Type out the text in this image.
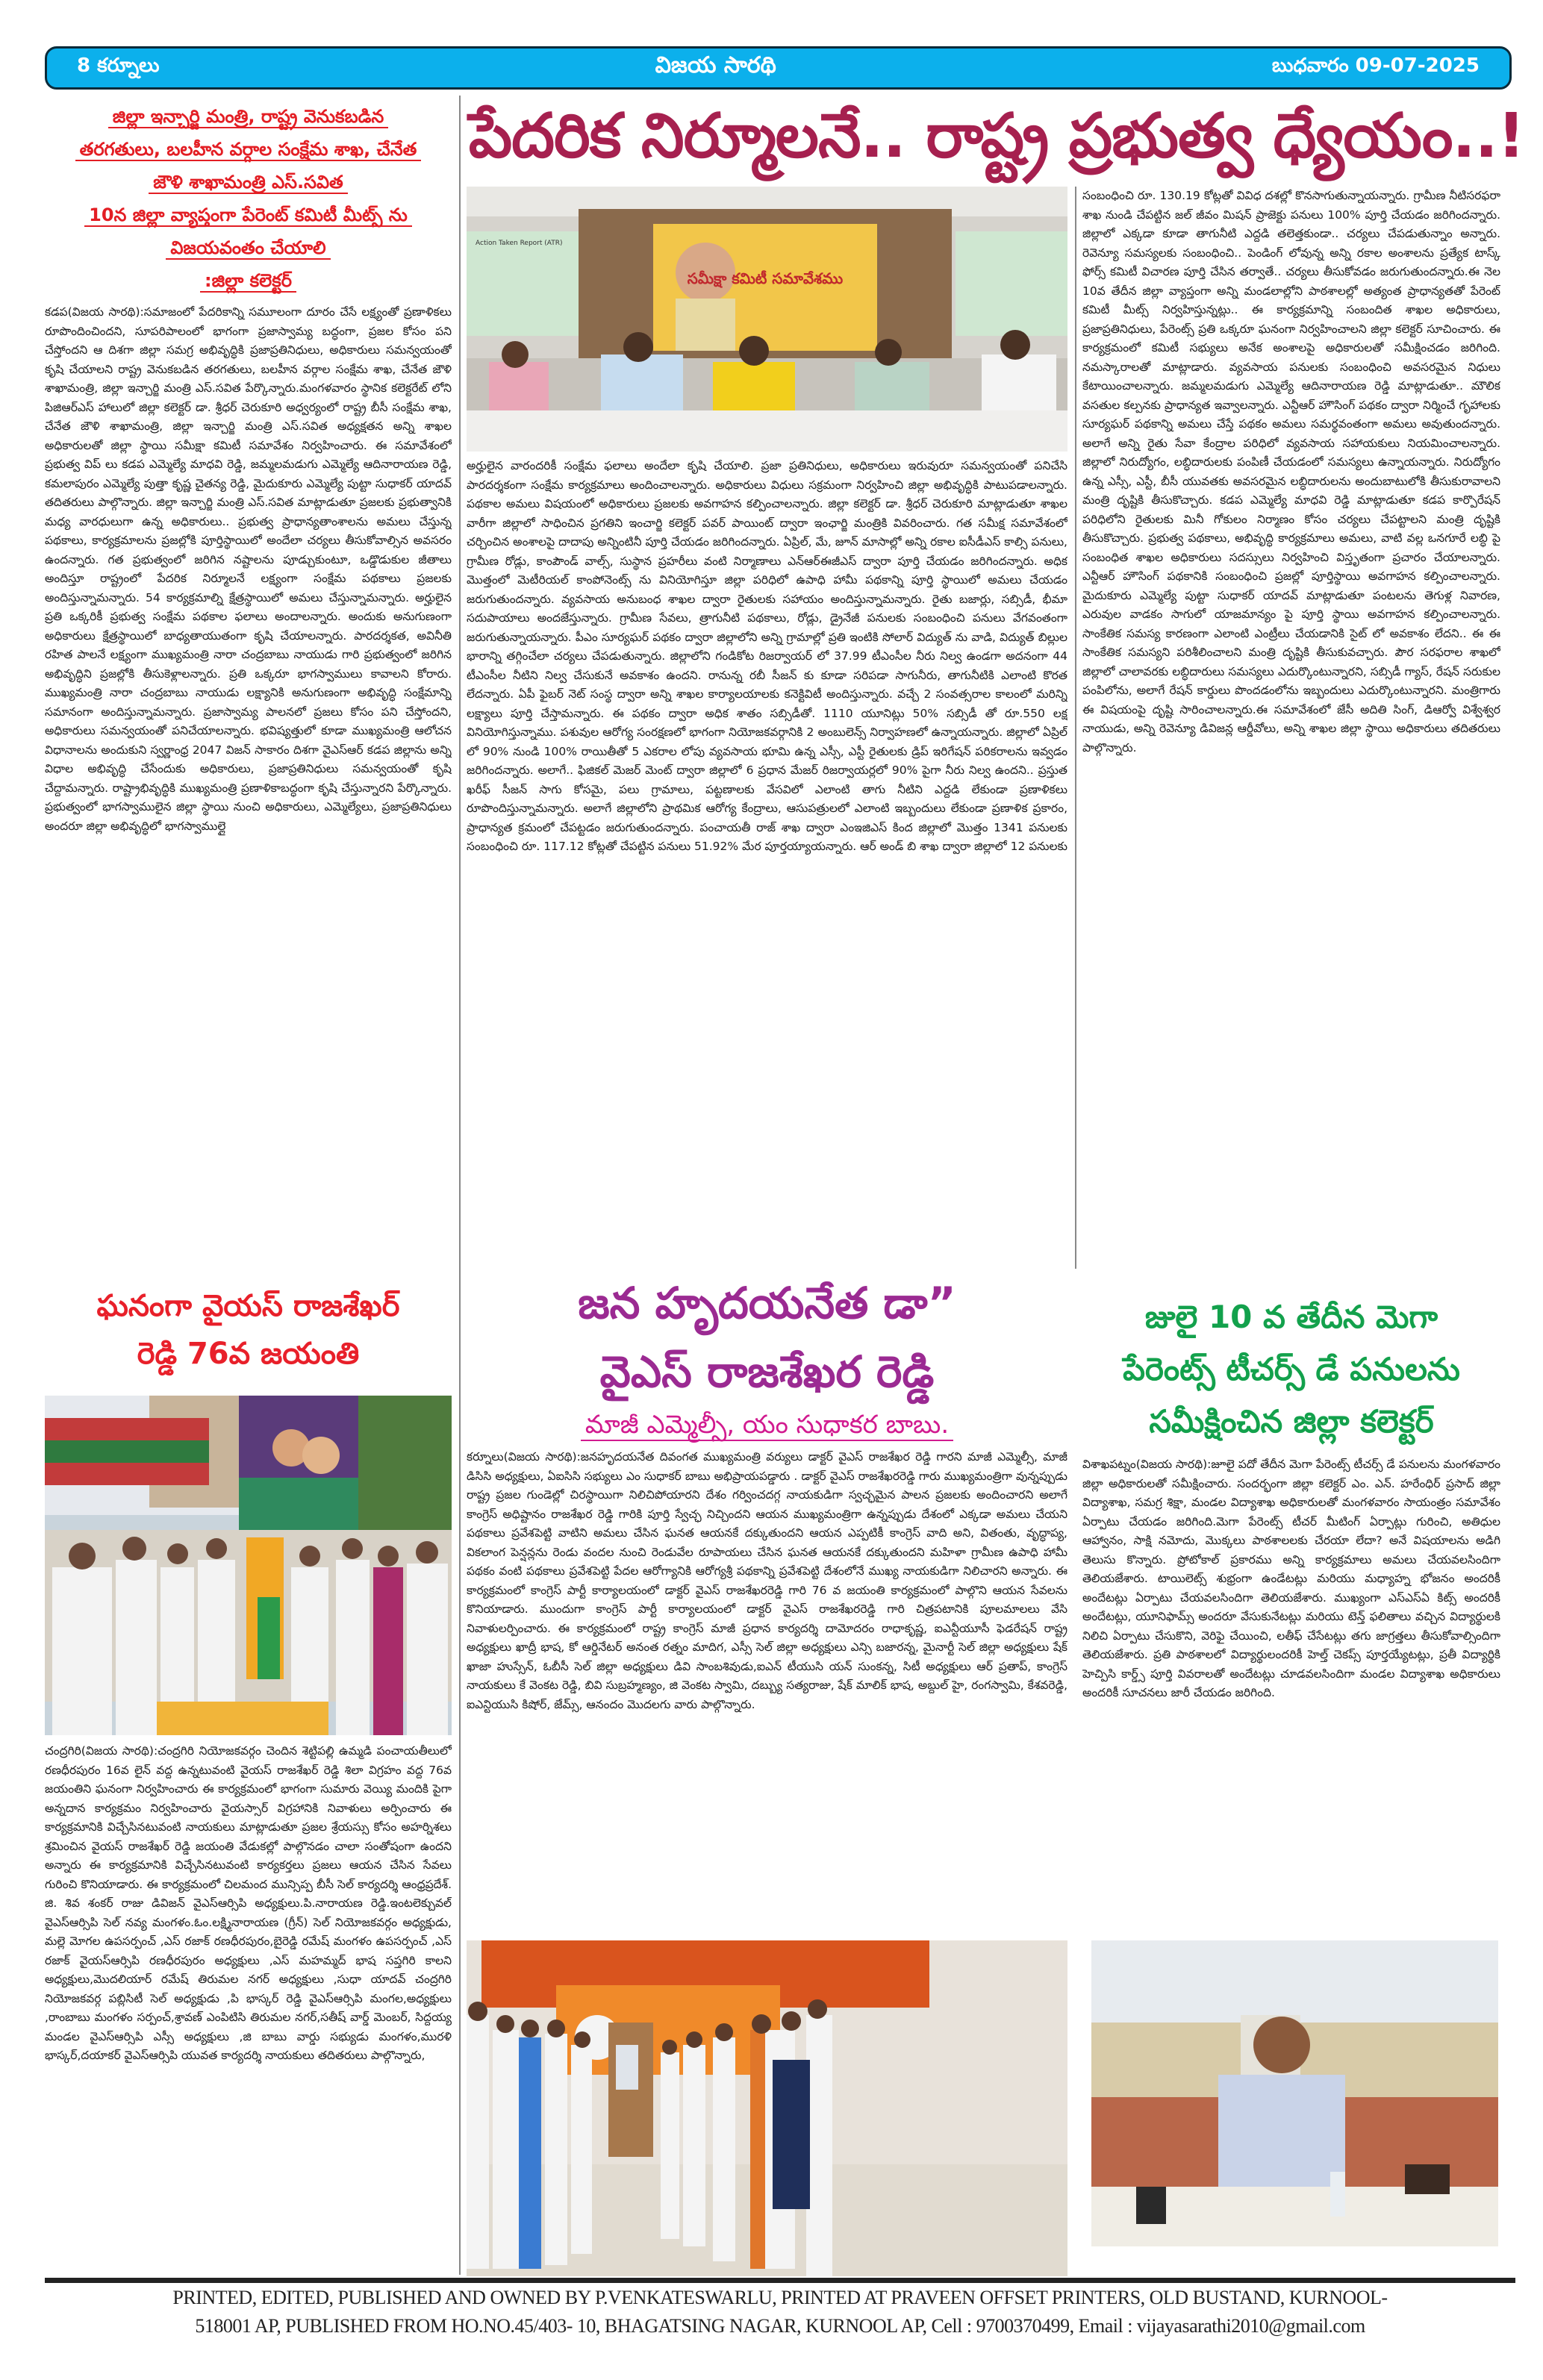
8 కర్నూలు	విజయ సారథి	బుధవారం 09-07-2025
పేదరిక నిర్మూలనే.. రాష్ట్ర ప్రభుత్వ ధ్యేయం..!
జిల్లా ఇన్చార్జి మంత్రి, రాష్ట్ర వెనుకబడిన
తరగతులు, బలహీన వర్గాల సంక్షేమ శాఖ, చేనేత
జౌళి శాఖామంత్రి ఎస్.సవిత
10న జిల్లా వ్యాప్తంగా పేరెంట్ కమిటీ మీట్స్ ను
విజయవంతం చేయాలి
:జిల్లా కలెక్టర్

కడప(విజయ సారథి):సమాజంలో పేదరికాన్ని సమూలంగా దూరం చేసే లక్ష్యంతో ప్రణాళికలు రూపొందించిందని, సూపరిపాలంలో భాగంగా ప్రజాస్వామ్య బద్ధంగా, ప్రజల కోసం పని చేస్తోందని ఆ దిశగా జిల్లా సమగ్ర అభివృద్ధికి ప్రజాప్రతినిధులు, అధికారులు సమన్వయంతో కృషి చేయాలని రాష్ట్ర వెనుకబడిన తరగతులు, బలహీన వర్గాల సంక్షేమ శాఖ, చేనేత జౌళి శాఖామంత్రి, జిల్లా ఇన్చార్జి మంత్రి ఎస్.సవిత పేర్కొన్నారు.మంగళవారం స్థానిక కలెక్టరేట్ లోని పిజిఆర్ఎస్ హాలులో జిల్లా కలెక్టర్ డా. శ్రీధర్ చెరుకూరి అధ్వర్యంలో రాష్ట్ర బీసీ సంక్షేమ శాఖ, చేనేత జౌళి శాఖామంత్రి, జిల్లా ఇన్చార్జి మంత్రి ఎస్.సవిత అధ్యక్షతన అన్ని శాఖల అధికారులతో జిల్లా స్థాయి సమీక్షా కమిటీ సమావేశం నిర్వహించారు. ఈ సమావేశంలో ప్రభుత్వ విప్ లు కడప ఎమ్మెల్యే మాధవి రెడ్డి, జమ్మలమడుగు ఎమ్మెల్యే ఆదినారాయణ రెడ్డి, కమలాపురం ఎమ్మెల్యే పుత్తా కృష్ణ చైతన్య రెడ్డి, మైదుకూరు ఎమ్మెల్యే పుట్టా సుధాకర్ యాదవ్ తదితరులు పాల్గొన్నారు. జిల్లా ఇన్చార్జి మంత్రి ఎస్.సవిత మాట్లాడుతూ ప్రజలకు ప్రభుత్వానికి మధ్య వారధులుగా ఉన్న అధికారులు.. ప్రభుత్వ ప్రాధాన్యతాంశాలను అమలు చేస్తున్న పథకాలు, కార్యక్రమాలను ప్రజల్లోకి పూర్తిస్థాయిలో అందేలా చర్యలు తీసుకోవాల్సిన అవసరం ఉందన్నారు. గత ప్రభుత్వంలో జరిగిన నష్టాలను పూడ్చుకుంటూ, ఒడ్డొడుకుల జీతాలు అందిస్తూ రాష్ట్రంలో పేదరిక నిర్మూలనే లక్ష్యంగా సంక్షేమ పథకాలు ప్రజలకు అందిస్తున్నామన్నారు. 54 కార్యక్రమాల్ని క్షేత్రస్థాయిలో అమలు చేస్తున్నామన్నారు. అర్హులైన ప్రతి ఒక్కరికీ ప్రభుత్వ సంక్షేమ పథకాల ఫలాలు అందాలన్నారు. అందుకు అనుగుణంగా అధికారులు క్షేత్రస్థాయిలో బాధ్యతాయుతంగా కృషి చేయాలన్నారు. పారదర్శకత, అవినీతి రహిత పాలనే లక్ష్యంగా ముఖ్యమంత్రి నారా చంద్రబాబు నాయుడు గారి ప్రభుత్వంలో జరిగిన అభివృద్ధిని ప్రజల్లోకి తీసుకెళ్లాలన్నారు. ప్రతి ఒక్కరూ భాగస్వాములు కావాలని కోరారు. ముఖ్యమంత్రి నారా చంద్రబాబు నాయుడు లక్ష్యానికి అనుగుణంగా అభివృద్ధి సంక్షేమాన్ని సమానంగా అందిస్తున్నామన్నారు. ప్రజాస్వామ్య పాలనలో ప్రజలు కోసం పని చేస్తోందని, అధికారులు సమన్వయంతో పనిచేయాలన్నారు. భవిష్యత్తులో కూడా ముఖ్యమంత్రి ఆలోచన విధానాలను అందుకుని స్వర్ణాంధ్ర 2047 విజన్ సాకారం దిశగా వైఎస్ఆర్ కడప జిల్లాను అన్ని విధాల అభివృద్ధి చేసేందుకు అధికారులు, ప్రజాప్రతినిధులు సమన్వయంతో కృషి చేద్దామన్నారు. రాష్ట్రాభివృద్ధికి ముఖ్యమంత్రి ప్రణాళికాబద్ధంగా కృషి చేస్తున్నారని పేర్కొన్నారు. ప్రభుత్వంలో భాగస్వాములైన జిల్లా స్థాయి నుంచి అధికారులు, ఎమ్మెల్యేలు, ప్రజాప్రతినిధులు అందరూ జిల్లా అభివృద్ధిలో భాగస్వాముల్లై

ఘనంగా వైయస్ రాజశేఖర్
రెడ్డి 76వ జయంతి

చంద్రగిరి(విజయ సారథి):చంద్రగిరి నియోజకవర్గం చెందిన శెట్టిపల్లి ఉమ్మడి పంచాయతీలులో రణధీరపురం 16వ లైన్ వద్ద ఉన్నటువంటి వైయస్ రాజశేఖర్ రెడ్డి శిలా విగ్రహం వద్ద 76వ జయంతిని ఘనంగా నిర్వహించారు ఈ కార్యక్రమంలో భాగంగా సుమారు వెయ్యి మందికి పైగా అన్నదాన కార్యక్రమం నిర్వహించారు వైయస్సార్ విగ్రహానికి నివాళులు అర్పించారు ఈ కార్యక్రమానికి విచ్చేసినటువంటి నాయకులు మాట్లాడుతూ ప్రజల శ్రేయస్సు కోసం అహర్నిశలు శ్రమించిన వైయస్ రాజశేఖర్ రెడ్డి జయంతి వేడుకల్లో పాల్గొనడం చాలా సంతోషంగా ఉందని అన్నారు ఈ కార్యక్రమానికి విచ్చేసినటువంటి కార్యకర్తలు ప్రజలు ఆయన చేసిన సేవలు గురించి కొనియాడారు. ఈ కార్యక్రమంలో చిలమంద మున్సిప్ప బీసీ సెల్ కార్యదర్శి ఆంధ్రప్రదేశ్. జి. శివ శంకర్ రాజు డివిజన్ వైఎస్ఆర్సిపి అధ్యక్షులు.పి.నారాయణ రెడ్డి.ఇంటలెక్చువల్ వైఎస్ఆర్సిపి సెల్ నవ్య మంగళం.ఓం.లక్ష్మినారాయణ (గ్రీన్) సెల్ నియోజకవర్గం అధ్యక్షుడు, మల్లె మోగల ఉపసర్పంచ్ ,ఎస్ రజాక్ రణధీరపురం,బైరెడ్డి రమేష్ మంగళం ఉపసర్పంచ్ ,ఎస్ రజాక్ వైయస్ఆర్సిపి రణధీరపురం అధ్యక్షులు ,ఎస్ మహమ్మద్ భాష సప్తగిరి కాలని అధ్యక్షులు,మొదలియార్ రమేష్ తిరుమల నగర్ అధ్యక్షులు ,సుధా యాదవ్ చంద్రగిరి నియోజకవర్గ పబ్లిసిటీ సెల్ అధ్యక్షుడు ,పి భాస్కర్ రెడ్డి వైఎస్ఆర్సిపి మంగల,అధ్యక్షులు ,రాంబాబు మంగళం సర్పంచ్,శ్రావణ్ ఎంపిటిసి తిరుమల నగర్,సతీష్ వార్డ్ మెంబర్, సిద్దయ్య మండల వైఎస్ఆర్సిపి ఎస్సీ అధ్యక్షులు ,జి బాబు వార్డు సభ్యుడు మంగళం,మురళి భాస్కర్,దయాకర్ వైఎస్ఆర్సిపి యువత కార్యదర్శి నాయకులు తదితరులు పాల్గొన్నారు,

Action Taken Report (ATR)
సమీక్షా కమిటీ సమావేశము

అర్హులైన వారందరికీ సంక్షేమ ఫలాలు అందేలా కృషి చేయాలి. ప్రజా ప్రతినిధులు, అధికారులు ఇరువురూ సమన్వయంతో పనిచేసి పారదర్శకంగా సంక్షేమ కార్యక్రమాలు అందించాలన్నారు. అధికారులు విధులు సక్రమంగా నిర్వహించి జిల్లా అభివృద్ధికి పాటుపడాలన్నారు. పథకాల అమలు విషయంలో అధికారులు ప్రజలకు అవగాహన కల్పించాలన్నారు. జిల్లా కలెక్టర్ డా. శ్రీధర్ చెరుకూరి మాట్లాడుతూ శాఖల వారీగా జిల్లాలో సాధించిన ప్రగతిని ఇంచార్జి కలెక్టర్ పవర్ పాయింట్ ద్వారా ఇంఛార్జి మంత్రికి వివరించారు. గత సమీక్ష సమావేశంలో చర్చించిన అంశాలపై దాదాపు అన్నింటినీ పూర్తి చేయడం జరిగిందన్నారు. ఏప్రిల్, మే, జూన్ మాసాల్లో అన్ని రకాల ఐసీడీఎస్ కాల్సి పనులు, గ్రామీణ రోడ్లు, కాంపౌండ్ వాల్స్, సుస్థాన ప్రహరీలు వంటి నిర్మాణాలు ఎన్ఆర్ఈజీఎస్ ద్వారా పూర్తి చేయడం జరిగిందన్నారు. అధిక మొత్తంలో మెటీరియల్ కాంపోనెంట్స్ ను వినియోగిస్తూ జిల్లా పరిధిలో ఉపాధి హామీ పథకాన్ని పూర్తి స్థాయిలో అమలు చేయడం జరుగుతుందన్నారు. వ్యవసాయ అనుబంధ శాఖల ద్వారా రైతులకు సహాయం అందిస్తున్నామన్నారు. రైతు బజార్లు, సబ్సిడీ, భీమా సదుపాయాలు అందజేస్తున్నారు. గ్రామీణ సేవలు, త్రాగునీటి పథకాలు, రోడ్లు, డ్రైనేజీ పనులకు సంబంధించి పనులు వేగవంతంగా జరుగుతున్నాయన్నారు. పీఎం సూర్యఘర్ పథకం ద్వారా జిల్లాలోని అన్ని గ్రామాల్లో ప్రతి ఇంటికి సోలార్ విద్యుత్ ను వాడి, విద్యుత్ బిల్లుల భారాన్ని తగ్గించేలా చర్యలు చేపడుతున్నారు. జిల్లాలోని గండికోట రిజర్వాయర్ లో 37.99 టీఎంసీల నీరు నిల్వ ఉండగా అదనంగా 44 టీఎంసీల నీటిని నిల్వ చేసుకునే అవకాశం ఉందని. రానున్న రబీ సీజన్ కు కూడా సరిపడా సాగునీరు, తాగునీటికి ఎలాంటి కొరత లేదన్నారు. ఏపీ ఫైబర్ నెట్ సంస్థ ద్వారా అన్ని శాఖల కార్యాలయాలకు కనెక్టివిటీ అందిస్తున్నారు. వచ్చే 2 సంవత్సరాల కాలంలో మరిన్ని లక్ష్యాలు పూర్తి చేస్తామన్నారు. ఈ పథకం ద్వారా అధిక శాతం సబ్సిడీతో. 1110 యూనిట్లు 50% సబ్సిడీ తో రూ.550 లక్ష వినియోగిస్తున్నాము. పశువుల ఆరోగ్య సంరక్షణలో భాగంగా నియోజకవర్గానికి 2 అంబులెన్స్ నిర్వాహణలో ఉన్నాయన్నారు. జిల్లాలో ఏప్రిల్ లో 90% నుండి 100% రాయితీతో 5 ఎకరాల లోపు వ్యవసాయ భూమి ఉన్న ఎస్సీ, ఎస్టీ రైతులకు డ్రిప్ ఇరిగేషన్ పరికరాలను ఇవ్వడం జరిగిందన్నారు. అలాగే.. ఫిజికల్ మెజర్ మెంట్ ద్వారా జిల్లాలో 6 ప్రధాన మేజర్ రిజర్వాయర్లలో 90% పైగా నీరు నిల్వ ఉందని.. ప్రస్తుత ఖరీఫ్ సీజన్ సాగు కోసమై, పలు గ్రామాలు, పట్టణాలకు వేసవిలో ఎలాంటి తాగు నీటిని ఎద్దడి లేకుండా ప్రణాళికలు రూపొందిస్తున్నామన్నారు. అలాగే జిల్లాలోని ప్రాథమిక ఆరోగ్య కేంద్రాలు, ఆసుపత్రులలో ఎలాంటి ఇబ్బందులు లేకుండా ప్రణాళిక ప్రకారం, ప్రాధాన్యత క్రమంలో చేపట్టడం జరుగుతుందన్నారు. పంచాయతీ రాజ్ శాఖ ద్వారా ఎంఇజిఎస్ కింద జిల్లాలో మొత్తం 1341 పనులకు సంబంధించి రూ. 117.12 కోట్లతో చేపట్టిన పనులు 51.92% మేర పూర్తయ్యాయన్నారు. ఆర్ అండ్ బి శాఖ ద్వారా జిల్లాలో 12 పనులకు

సంబంధించి రూ. 130.19 కోట్లతో వివిధ దశల్లో కొనసాగుతున్నాయన్నారు. గ్రామీణ నీటిసరఫరా శాఖ నుండి చేపట్టిన జల్ జీవం మిషన్ ప్రాజెక్టు పనులు 100% పూర్తి చేయడం జరిగిందన్నారు. జిల్లాలో ఎక్కడా కూడా తాగునీటి ఎద్దడి తలెత్తకుండా.. చర్యలు చేపడుతున్నాం అన్నారు. రెవెన్యూ సమస్యలకు సంబంధించి.. పెండింగ్ లోవున్న అన్ని రకాల అంశాలను ప్రత్యేక టాస్క్ ఫోర్స్ కమిటీ విచారణ పూర్తి చేసిన తర్వాతే.. చర్యలు తీసుకోవడం జరుగుతుందన్నారు.ఈ నెల 10వ తేదీన జిల్లా వ్యాప్తంగా అన్ని మండలాల్లోని పాఠశాలల్లో అత్యంత ప్రాధాన్యతతో పేరెంట్ కమిటీ మీట్స్ నిర్వహిస్తున్నట్లు.. ఈ కార్యక్రమాన్ని సంబందిత శాఖల అధికారులు, ప్రజాప్రతినిధులు, పేరెంట్స్ ప్రతి ఒక్కరూ ఘనంగా నిర్వహించాలని జిల్లా కలెక్టర్ సూచించారు. ఈ కార్యక్రమంలో కమిటీ సభ్యులు అనేక అంశాలపై అధికారులతో సమీక్షించడం జరిగింది. నమస్కారాలతో మాట్లాడారు. వ్యవసాయ పనులకు సంబంధించి అవసరమైన నిధులు కేటాయించాలన్నారు. జమ్మలమడుగు ఎమ్మెల్యే ఆదినారాయణ రెడ్డి మాట్లాడుతూ.. మౌలిక వసతుల కల్పనకు ప్రాధాన్యత ఇవ్వాలన్నారు. ఎన్టీఆర్ హౌసింగ్ పథకం ద్వారా నిర్మించే గృహాలకు సూర్యఘర్ పథకాన్ని అమలు చేస్తే పథకం అమలు సమర్థవంతంగా అమలు అవుతుందన్నారు. అలాగే అన్ని రైతు సేవా కేంద్రాల పరిధిలో వ్యవసాయ సహాయకులు నియమించాలన్నారు. జిల్లాలో నిరుద్యోగం, లబ్ధిదారులకు పంపిణీ చేయడంలో సమస్యలు ఉన్నాయన్నారు. నిరుద్యోగం ఉన్న ఎస్సీ, ఎస్టీ, బీసీ యువతకు అవసరమైన లబ్ధిదారులను అందుబాటులోకి తీసుకురావాలని మంత్రి దృష్టికి తీసుకొచ్చారు. కడప ఎమ్మెల్యే మాధవి రెడ్డి మాట్లాడుతూ కడప కార్పొరేషన్ పరిధిలోని రైతులకు మినీ గోకులం నిర్మాణం కోసం చర్యలు చేపట్టాలని మంత్రి దృష్టికి తీసుకొచ్చారు. ప్రభుత్వ పథకాలు, అభివృద్ధి కార్యక్రమాలు అమలు, వాటి వల్ల ఒనగూరే లబ్ధి పై సంబంధిత శాఖల అధికారులు సదస్సులు నిర్వహించి విస్తృతంగా ప్రచారం చేయాలన్నారు. ఎన్టీఆర్ హౌసింగ్ పథకానికి సంబంధించి ప్రజల్లో పూర్తిస్థాయి అవగాహన కల్పించాలన్నారు. మైదుకూరు ఎమ్మెల్యే పుట్టా సుధాకర్ యాదవ్ మాట్లాడుతూ పంటలను తెగుళ్ల నివారణ, ఎరువుల వాడకం సాగులో యాజమాన్యం పై పూర్తి స్థాయి అవగాహన కల్పించాలన్నారు. సాంకేతిక సమస్య కారణంగా ఎలాంటి ఎంట్రీలు చేయడానికి సైట్ లో అవకాశం లేదని.. ఈ ఈ సాంకేతిక సమస్యని పరిశీలించాలని మంత్రి దృష్టికి తీసుకువచ్చారు. పౌర సరఫరాల శాఖలో జిల్లాలో చాలావరకు లబ్ధిదారులు సమస్యలు ఎదుర్కొంటున్నారని, సబ్సిడీ గ్యాస్, రేషన్ సరుకుల పంపిలోను, అలాగే రేషన్ కార్డులు పొందడంలోను ఇబ్బందులు ఎదుర్కొంటున్నారని. మంత్రిగారు ఈ విషయంపై దృష్టి సారించాలన్నారు.ఈ సమావేశంలో జేసీ అదితి సింగ్, డిఆర్వో విశ్వేశ్వర నాయుడు, అన్ని రెవెన్యూ డివిజన్ల ఆర్డీవోలు, అన్ని శాఖల జిల్లా స్థాయి అధికారులు తదితరులు పాల్గొన్నారు.

జన హృదయనేత డా”
వైఎస్ రాజశేఖర రెడ్డి
మాజీ ఎమ్మెల్సీ, యం సుధాకర బాబు.

కర్నూలు(విజయ సారథి):జనహృదయనేత దివంగత ముఖ్యమంత్రి వర్యులు డాక్టర్ వైఎస్ రాజశేఖర రెడ్డి గారని మాజీ ఎమ్మెల్సీ, మాజీ డిసిసి అధ్యక్షులు, ఏఐసిసి సభ్యులు ఎం సుధాకర్ బాబు అభిప్రాయపడ్డారు . డాక్టర్ వైఎస్ రాజశేఖరరెడ్డి గారు ముఖ్యమంత్రిగా వున్నప్పుడు రాష్ట్ర ప్రజల గుండెల్లో చిరస్థాయిగా నిలిచిపోయారని దేశం గర్వించదగ్గ నాయకుడిగా స్వచ్ఛమైన పాలన ప్రజలకు అందించారని అలాగే కాంగ్రెస్ అధిష్టానం రాజశేఖర రెడ్డి గారికి పూర్తి స్వేచ్ఛ నిచ్చిందని ఆయన ముఖ్యమంత్రిగా ఉన్నప్పుడు దేశంలో ఎక్కడా అమలు చేయని పథకాలు ప్రవేశపెట్టి వాటిని అమలు చేసిన ఘనత ఆయనకే దక్కుతుందని ఆయన ఎప్పటికీ కాంగ్రెస్ వాది అని, వితంతు, వృద్ధాప్య, వికలాంగ పెన్షన్లను రెండు వందల నుంచి రెండువేల రూపాయలు చేసిన ఘనత ఆయనకే దక్కుతుందని మహిళా గ్రామీణ ఉపాధి హామీ పథకం వంటి పథకాలు ప్రవేశపెట్టి పేదల ఆరోగ్యానికి ఆరోగ్యశ్రీ పథకాన్ని ప్రవేశపెట్టి దేశంలోనే ముఖ్య నాయకుడిగా నిలిచారని అన్నారు. ఈ కార్యక్రమంలో కాంగ్రెస్ పార్టీ కార్యాలయంలో డాక్టర్ వైఎస్ రాజశేఖరరెడ్డి గారి 76 వ జయంతి కార్యక్రమంలో పాల్గొని ఆయన సేవలను కొనియాడారు. ముందుగా కాంగ్రెస్ పార్టీ కార్యాలయంలో డాక్టర్ వైఎస్ రాజశేఖరరెడ్డి గారి చిత్రపటానికి పూలమాలలు వేసి నివాళులర్పించారు. ఈ కార్యక్రమంలో రాష్ట్ర కాంగ్రెస్ మాజీ ప్రధాన కార్యదర్శి దామోదరం రాధాకృష్ణ, ఐఎన్టీయూసీ ఫెడరేషన్ రాష్ట్ర అధ్యక్షులు ఖాద్రీ భాష, కో ఆర్డినేటర్ అనంత రత్నం మాదిగ, ఎస్సీ సెల్ జిల్లా అధ్యక్షులు ఎన్సి బజారన్న, మైనార్టీ సెల్ జిల్లా అధ్యక్షులు షేక్ ఖాజా హుస్సేన్, ఓబీసీ సెల్ జిల్లా అధ్యక్షులు డివి సాంబశివుడు,ఐఎన్ టీయుసి యన్ సుంకన్న, సిటీ అధ్యక్షులు ఆర్ ప్రతాప్, కాంగ్రెస్ నాయకులు కే వెంకట రెడ్డి, బివి సుబ్రహ్మణ్యం, జి వెంకట స్వామి, దబ్బ్యు సత్యరాజు, షేక్ మాలిక్ భాష, అబ్దుల్ హై, రంగస్వామి, కేశవరెడ్డి, ఐఎన్టియుసి కిషోర్, జేమ్స్, ఆనందం మొదలగు వారు పాల్గొన్నారు.

జులై 10 వ తేదీన మెగా
పేరెంట్స్ టీచర్స్ డే పనులను
సమీక్షించిన జిల్లా కలెక్టర్

విశాఖపట్నం(విజయ సారథి):జూలై పదో తేదీన మెగా పేరెంట్స్ టీచర్స్ డే పనులను మంగళవారం జిల్లా అధికారులతో సమీక్షించారు. సందర్భంగా జిల్లా కలెక్టర్ ఎం. ఎన్. హరేంధిర్ ప్రసాద్ జిల్లా విద్యాశాఖ, సమగ్ర శిక్షా, మండల విద్యాశాఖ అధికారులతో మంగళవారం సాయంత్రం సమావేశం ఏర్పాటు చేయడం జరిగింది.మెగా పేరెంట్స్ టీచర్ మీటింగ్ ఏర్పాట్లు గురించి, అతిధుల ఆహ్వానం, సాక్షి నమోదు, మొక్కలు పాఠశాలలకు చేరయా లేదా? అనే విషయాలను అడిగి తెలుసు కొన్నారు. ప్రోటోకాల్ ప్రకారము అన్ని కార్యక్రమాలు అమలు చేయవలసిందిగా తెలియజేశారు. టాయిలెట్స్ శుభ్రంగా ఉండేటట్లు మరియు మధ్యాహ్న భోజనం అందరికీ అందేటట్లు ఏర్పాటు చేయవలసిందిగా తెలియజేశారు. ముఖ్యంగా ఎస్ఎస్ఏ కిట్స్ అందరికీ అందేటట్లు, యూనిఫామ్స్ అందరూ వేసుకునేటట్లు మరియు టెన్త్ ఫలితాలు వచ్చిన విద్యార్థులకి నిలిచి ఏర్పాటు చేసుకొని, వెరిఫై చేయించి, లతీఫ్ చేసేటట్లు తగు జాగ్రత్తలు తీసుకోవాల్సిందిగా తెలియజేశారు. ప్రతి పాఠశాలలో విద్యార్థులందరికీ హెల్త్ చెకప్స్ పూర్తయ్యేటట్లు, ప్రతీ విద్యార్థికి హెచ్పిసి కార్డ్స్ పూర్తి వివరాలతో అందేటట్లు చూడవలసిందిగా మండల విద్యాశాఖ అధికారులు అందరికీ సూచనలు జారీ చేయడం జరిగింది.

PRINTED, EDITED, PUBLISHED AND OWNED BY P.VENKATESWARLU, PRINTED AT PRAVEEN OFFSET PRINTERS, OLD BUSTAND, KURNOOL-
518001 AP, PUBLISHED FROM HO.NO.45/403- 10, BHAGATSING NAGAR, KURNOOL AP, Cell : 9700370499, Email : vijayasarathi2010@gmail.com
